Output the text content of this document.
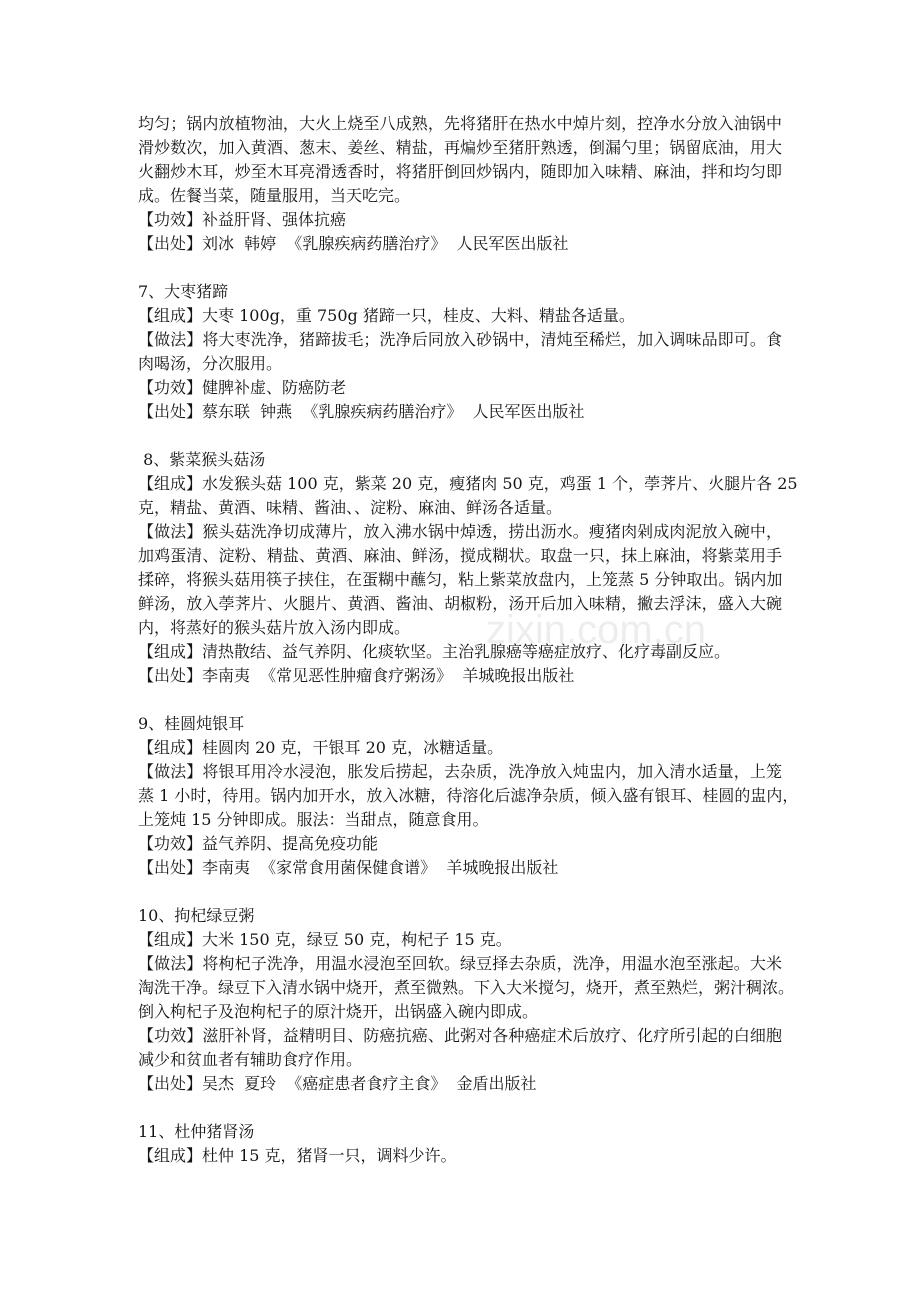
zixin.com.cn
均匀；锅内放植物油，大火上烧至八成熟，先将猪肝在热水中焯片刻，控净水分放入油锅中
滑炒数次，加入黄酒、葱末、姜丝、精盐，再煸炒至猪肝熟透，倒漏勺里；锅留底油，用大
火翻炒木耳，炒至木耳亮滑透香时，将猪肝倒回炒锅内，随即加入味精、麻油，拌和均匀即
成。佐餐当菜，随量服用，当天吃完。
【功效】补益肝肾、强体抗癌
【出处】刘冰  韩婷  《乳腺疾病药膳治疗》  人民军医出版社
7、大枣猪蹄
【组成】大枣 100g，重 750g 猪蹄一只，桂皮、大料、精盐各适量。
【做法】将大枣洗净，猪蹄拔毛；洗净后同放入砂锅中，清炖至稀烂，加入调味品即可。食
肉喝汤，分次服用。
【功效】健脾补虚、防癌防老
【出处】蔡东联  钟燕  《乳腺疾病药膳治疗》  人民军医出版社
8、紫菜猴头菇汤
【组成】水发猴头菇 100 克，紫菜 20 克，瘦猪肉 50 克，鸡蛋 1 个，荸荠片、火腿片各 25
克，精盐、黄酒、味精、酱油、、淀粉、麻油、鲜汤各适量。
【做法】猴头菇洗净切成薄片，放入沸水锅中焯透，捞出沥水。瘦猪肉剁成肉泥放入碗中，
加鸡蛋清、淀粉、精盐、黄酒、麻油、鲜汤，搅成糊状。取盘一只，抹上麻油，将紫菜用手
揉碎，将猴头菇用筷子挟住，在蛋糊中蘸匀，粘上紫菜放盘内，上笼蒸 5 分钟取出。锅内加
鲜汤，放入荸荠片、火腿片、黄酒、酱油、胡椒粉，汤开后加入味精，撇去浮沫，盛入大碗
内，将蒸好的猴头菇片放入汤内即成。
【组成】清热散结、益气养阴、化痰软坚。主治乳腺癌等癌症放疗、化疗毒副反应。
【出处】李南夷  《常见恶性肿瘤食疗粥汤》  羊城晚报出版社
9、桂圆炖银耳
【组成】桂圆肉 20 克，干银耳 20 克，冰糖适量。
【做法】将银耳用冷水浸泡，胀发后捞起，去杂质，洗净放入炖盅内，加入清水适量，上笼
蒸 1 小时，待用。锅内加开水，放入冰糖，待溶化后滤净杂质，倾入盛有银耳、桂圆的盅内，
上笼炖 15 分钟即成。服法：当甜点，随意食用。
【功效】益气养阴、提高免疫功能
【出处】李南夷  《家常食用菌保健食谱》  羊城晚报出版社
10、拘杞绿豆粥
【组成】大米 150 克，绿豆 50 克，枸杞子 15 克。
【做法】将枸杞子洗净，用温水浸泡至回软。绿豆择去杂质，洗净，用温水泡至涨起。大米
淘洗干净。绿豆下入清水锅中烧开，煮至微熟。下入大米搅匀，烧开，煮至熟烂，粥汁稠浓。
倒入枸杞子及泡枸杞子的原汁烧开，出锅盛入碗内即成。
【功效】滋肝补肾，益精明目、防癌抗癌、此粥对各种癌症术后放疗、化疗所引起的白细胞
减少和贫血者有辅助食疗作用。
【出处】吴杰  夏玲  《癌症患者食疗主食》  金盾出版社
11、杜仲猪肾汤
【组成】杜仲 15 克，猪肾一只，调料少许。
